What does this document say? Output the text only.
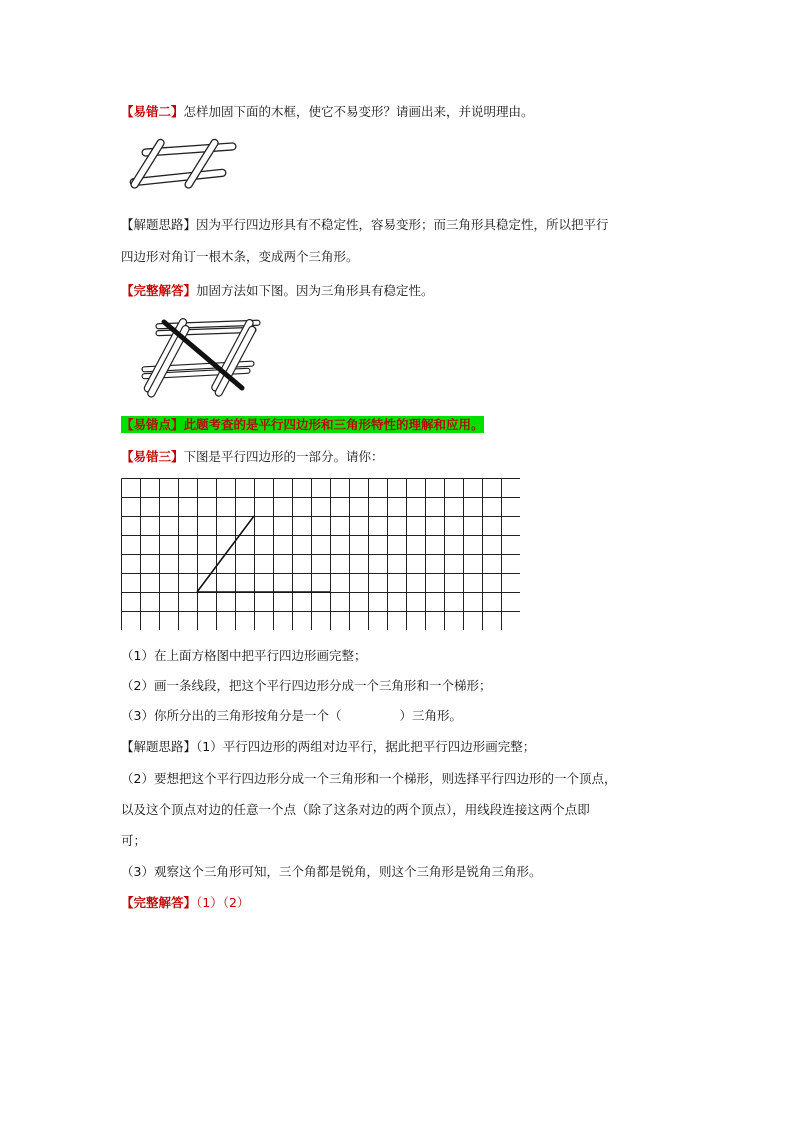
【易错二】怎样加固下面的木框，使它不易变形？请画出来，并说明理由。
【解题思路】因为平行四边形具有不稳定性，容易变形；而三角形具稳定性，所以把平行
四边形对角订一根木条，变成两个三角形。
【完整解答】加固方法如下图。因为三角形具有稳定性。
【易错点】此题考查的是平行四边形和三角形特性的理解和应用。
【易错三】下图是平行四边形的一部分。请你：
（1）在上面方格图中把平行四边形画完整；
（2）画一条线段，把这个平行四边形分成一个三角形和一个梯形；
（3）你所分出的三角形按角分是一个（	）三角形。
【解题思路】（1）平行四边形的两组对边平行，据此把平行四边形画完整；
（2）要想把这个平行四边形分成一个三角形和一个梯形，则选择平行四边形的一个顶点，
以及这个顶点对边的任意一个点（除了这条对边的两个顶点），用线段连接这两个点即
可；
（3）观察这个三角形可知，三个角都是锐角，则这个三角形是锐角三角形。
【完整解答】（1）（2）
